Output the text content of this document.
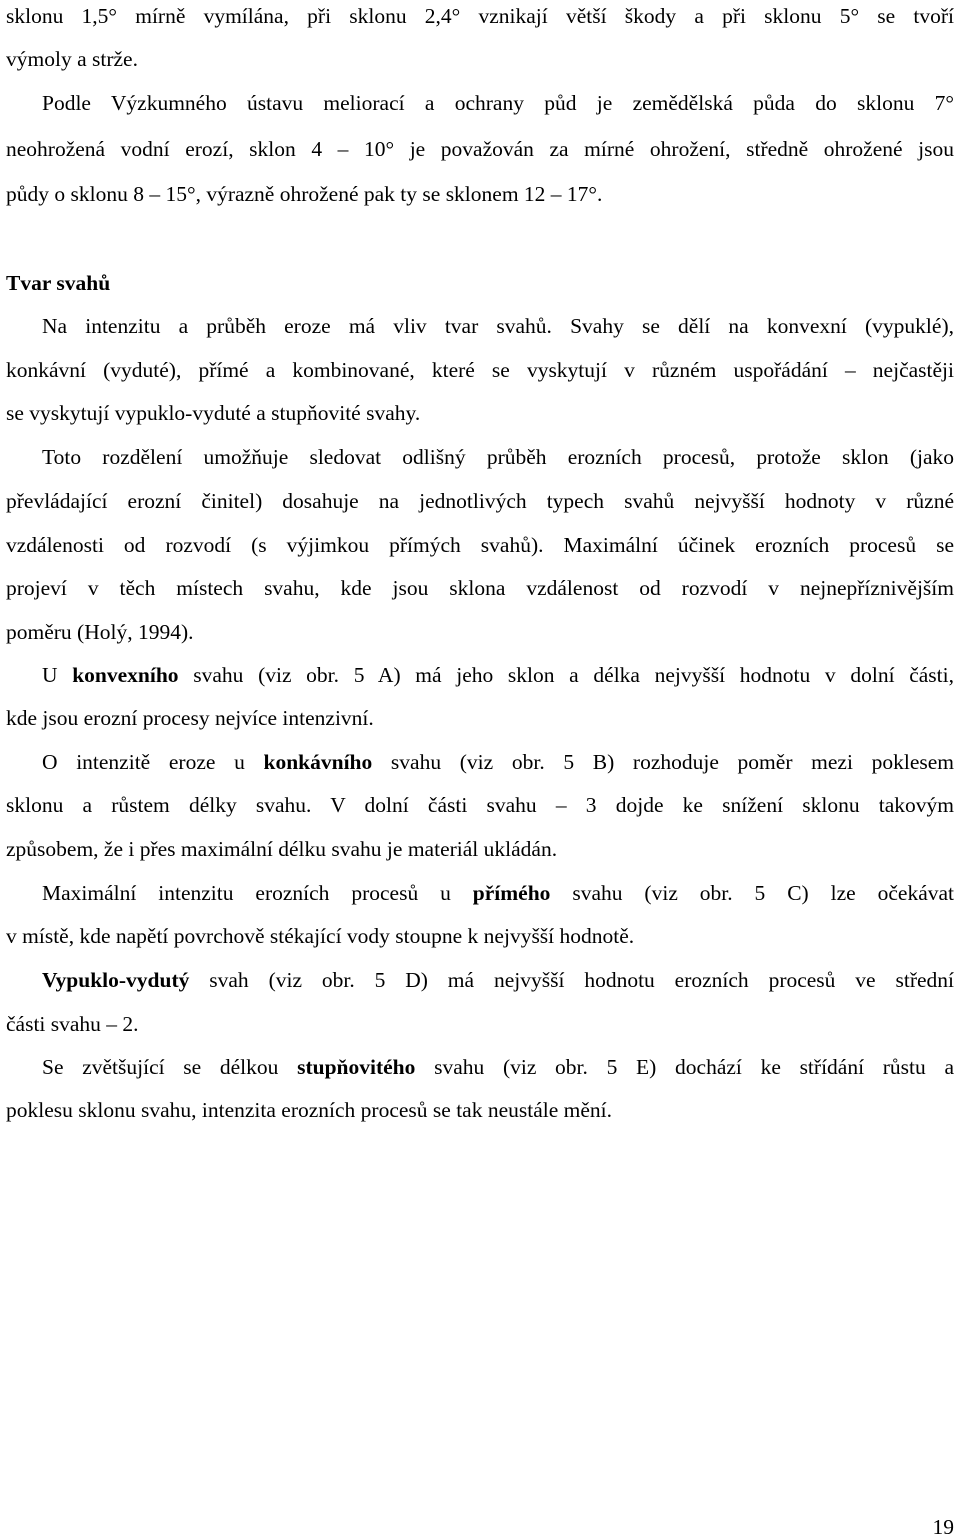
sklonu 1,5° mírně vymílána, při sklonu 2,4° vznikají větší škody a při sklonu 5° se tvoří
výmoly a strže.
Podle Výzkumného ústavu meliorací a ochrany půd je zemědělská půda do sklonu 7°
neohrožená vodní erozí, sklon 4 – 10° je považován za mírné ohrožení, středně ohrožené jsou
půdy o sklonu 8 – 15°, výrazně ohrožené pak ty se sklonem 12 – 17°.
Tvar svahů
Na intenzitu a průběh eroze má vliv tvar svahů. Svahy se dělí na konvexní (vypuklé),
konkávní (vyduté), přímé a kombinované, které se vyskytují v různém uspořádání – nejčastěji
se vyskytují vypuklo-vyduté a stupňovité svahy.
Toto rozdělení umožňuje sledovat odlišný průběh erozních procesů, protože sklon (jako
převládající erozní činitel) dosahuje na jednotlivých typech svahů nejvyšší hodnoty v různé
vzdálenosti od rozvodí (s výjimkou přímých svahů). Maximální účinek erozních procesů se
projeví v těch místech svahu, kde jsou sklona vzdálenost od rozvodí v nejnepříznivějším
poměru (Holý, 1994).
U konvexního svahu (viz obr. 5 A) má jeho sklon a délka nejvyšší hodnotu v dolní části,
kde jsou erozní procesy nejvíce intenzivní.
O intenzitě eroze u konkávního svahu (viz obr. 5 B) rozhoduje poměr mezi poklesem
sklonu a růstem délky svahu. V dolní části svahu – 3 dojde ke snížení sklonu takovým
způsobem, že i přes maximální délku svahu je materiál ukládán.
Maximální intenzitu erozních procesů u přímého svahu (viz obr. 5 C) lze očekávat
v místě, kde napětí povrchově stékající vody stoupne k nejvyšší hodnotě.
Vypuklo-vydutý svah (viz obr. 5 D) má nejvyšší hodnotu erozních procesů ve střední
části svahu – 2.
Se zvětšující se délkou stupňovitého svahu (viz obr. 5 E) dochází ke střídání růstu a
poklesu sklonu svahu, intenzita erozních procesů se tak neustále mění.
19
